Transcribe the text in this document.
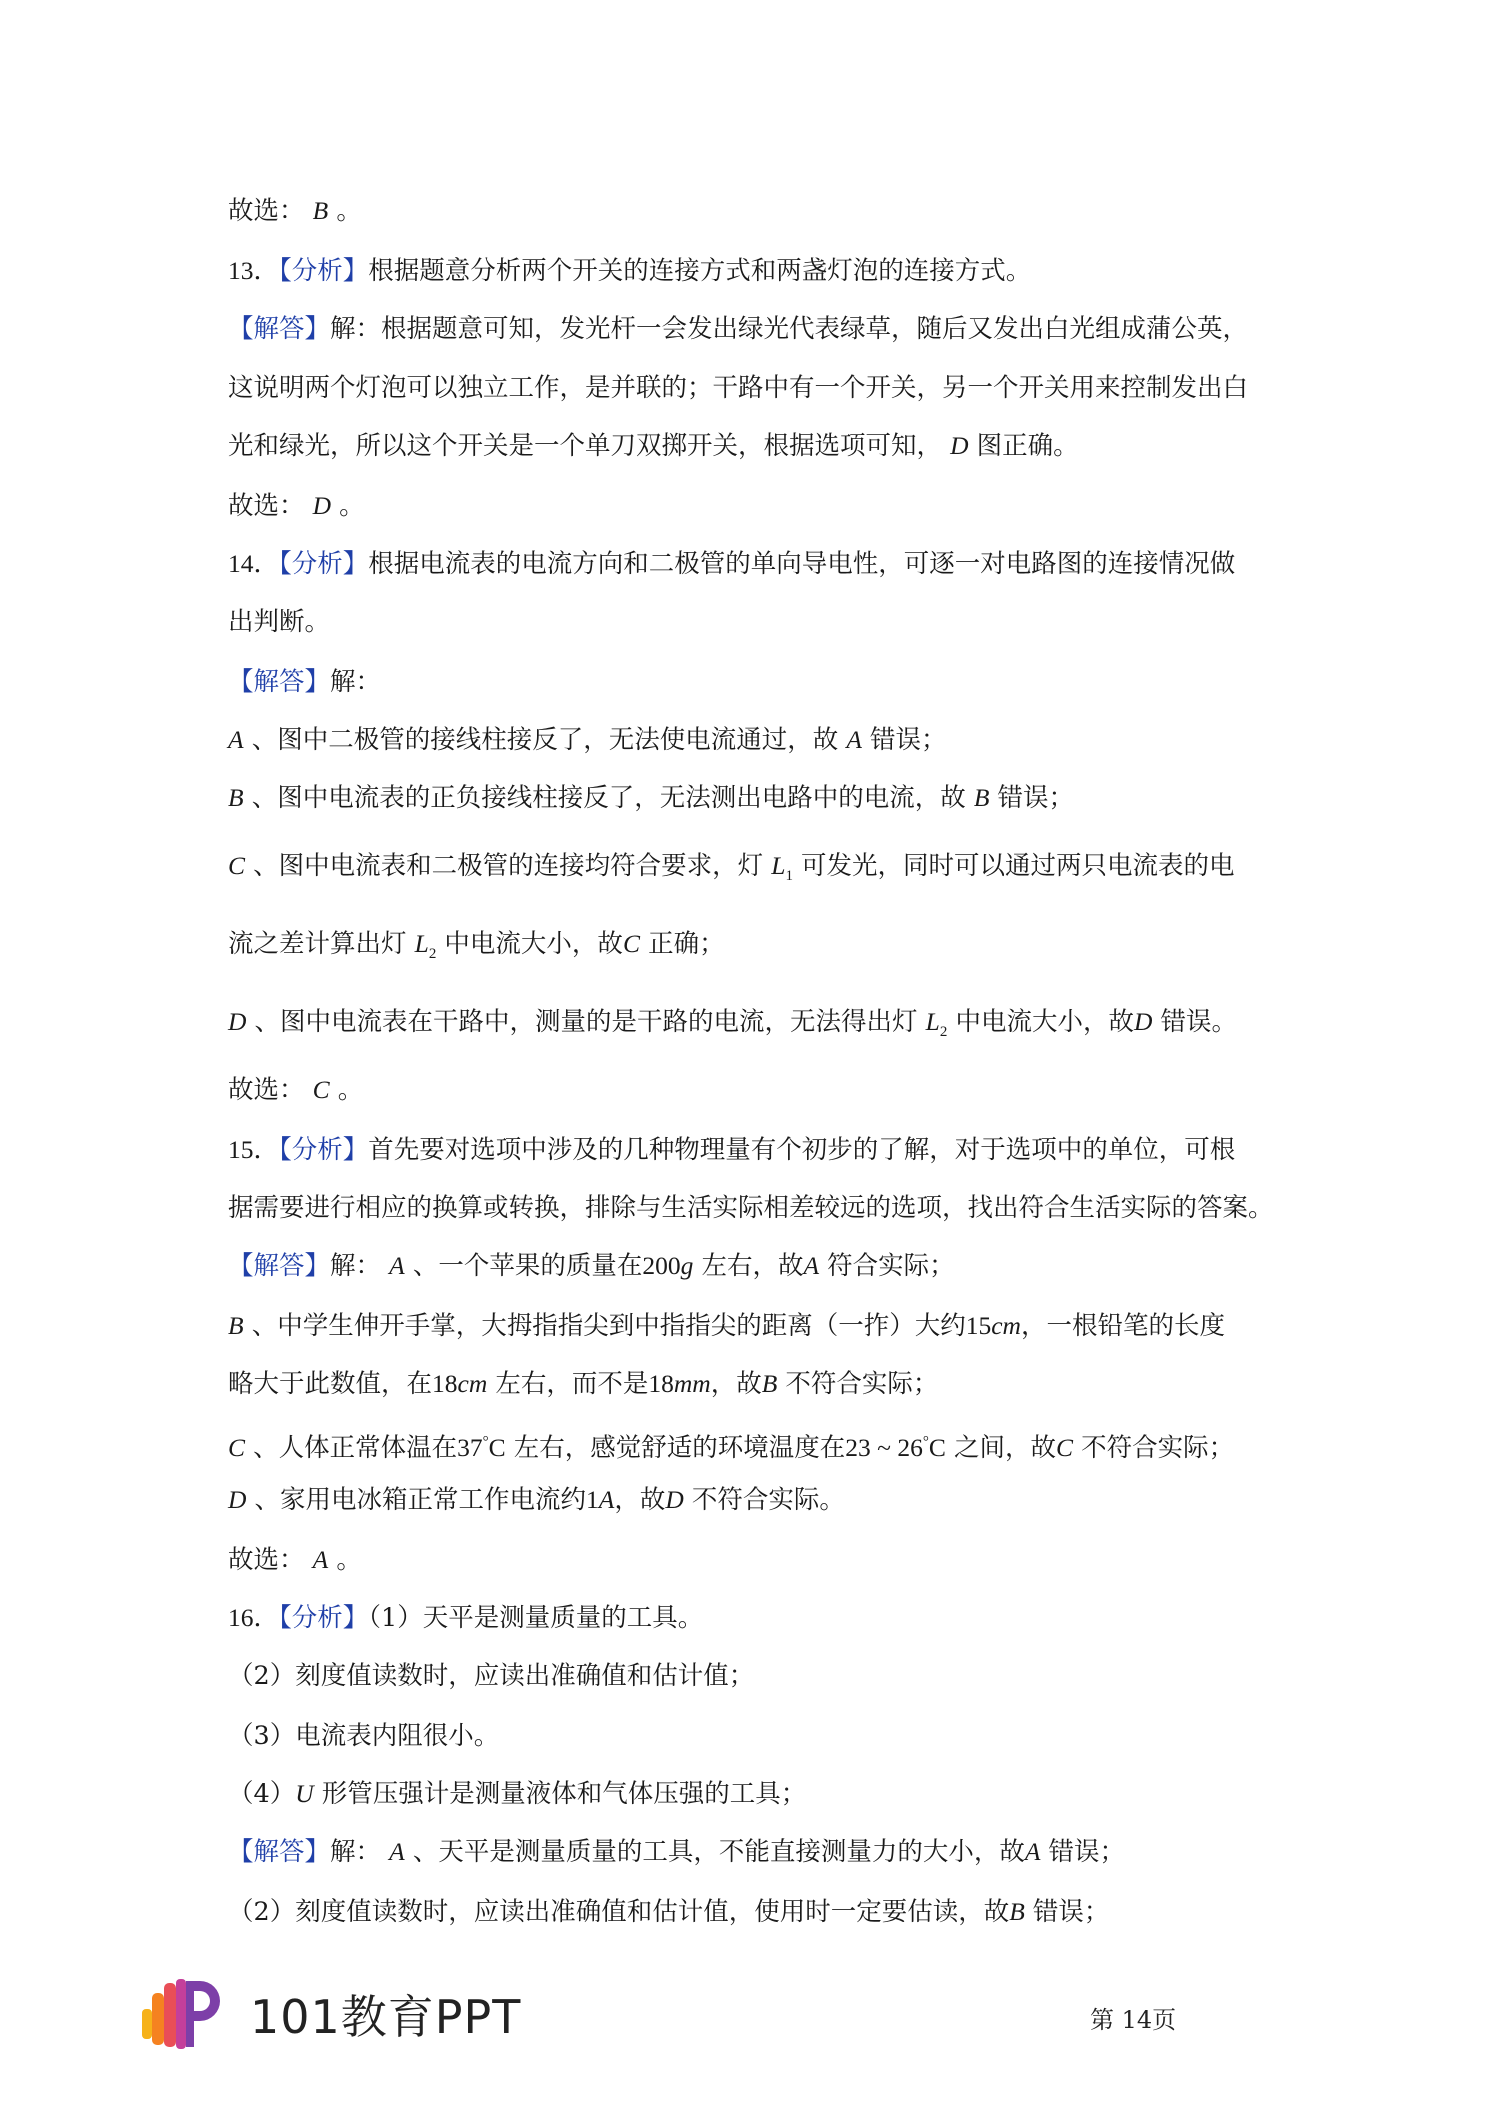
故选： B 。
13．【分析】根据题意分析两个开关的连接方式和两盏灯泡的连接方式。
【解答】解：根据题意可知，发光杆一会发出绿光代表绿草，随后又发出白光组成蒲公英，
这说明两个灯泡可以独立工作，是并联的；干路中有一个开关，另一个开关用来控制发出白
光和绿光，所以这个开关是一个单刀双掷开关，根据选项可知， D 图正确。
故选： D 。
14．【分析】根据电流表的电流方向和二极管的单向导电性，可逐一对电路图的连接情况做
出判断。
【解答】解：
A 、图中二极管的接线柱接反了，无法使电流通过，故 A 错误；
B 、图中电流表的正负接线柱接反了，无法测出电路中的电流，故 B 错误；
C 、图中电流表和二极管的连接均符合要求，灯 $L_1$ 可发光，同时可以通过两只电流表的电
流之差计算出灯 $L_2$ 中电流大小，故C 正确；
D 、图中电流表在干路中，测量的是干路的电流，无法得出灯 $L_2$ 中电流大小，故D 错误。
故选： C 。
15．【分析】首先要对选项中涉及的几种物理量有个初步的了解，对于选项中的单位，可根
据需要进行相应的换算或转换，排除与生活实际相差较远的选项，找出符合生活实际的答案。
【解答】解： A 、一个苹果的质量在200g 左右，故A 符合实际；
B 、中学生伸开手掌，大拇指指尖到中指指尖的距离（一拃）大约15cm，一根铅笔的长度
略大于此数值，在18cm 左右，而不是18mm，故B 不符合实际；
C 、人体正常体温在37°C 左右，感觉舒适的环境温度在23 ~ 26°C 之间，故C 不符合实际；
D 、家用电冰箱正常工作电流约1A，故D 不符合实际。
故选： A 。
16．【分析】（1）天平是测量质量的工具。
（2）刻度值读数时，应读出准确值和估计值；
（3）电流表内阻很小。
（4）U 形管压强计是测量液体和气体压强的工具；
【解答】解： A 、天平是测量质量的工具，不能直接测量力的大小，故A 错误；
（2）刻度值读数时，应读出准确值和估计值，使用时一定要估读，故B 错误；
101教育PPT	第 14页
